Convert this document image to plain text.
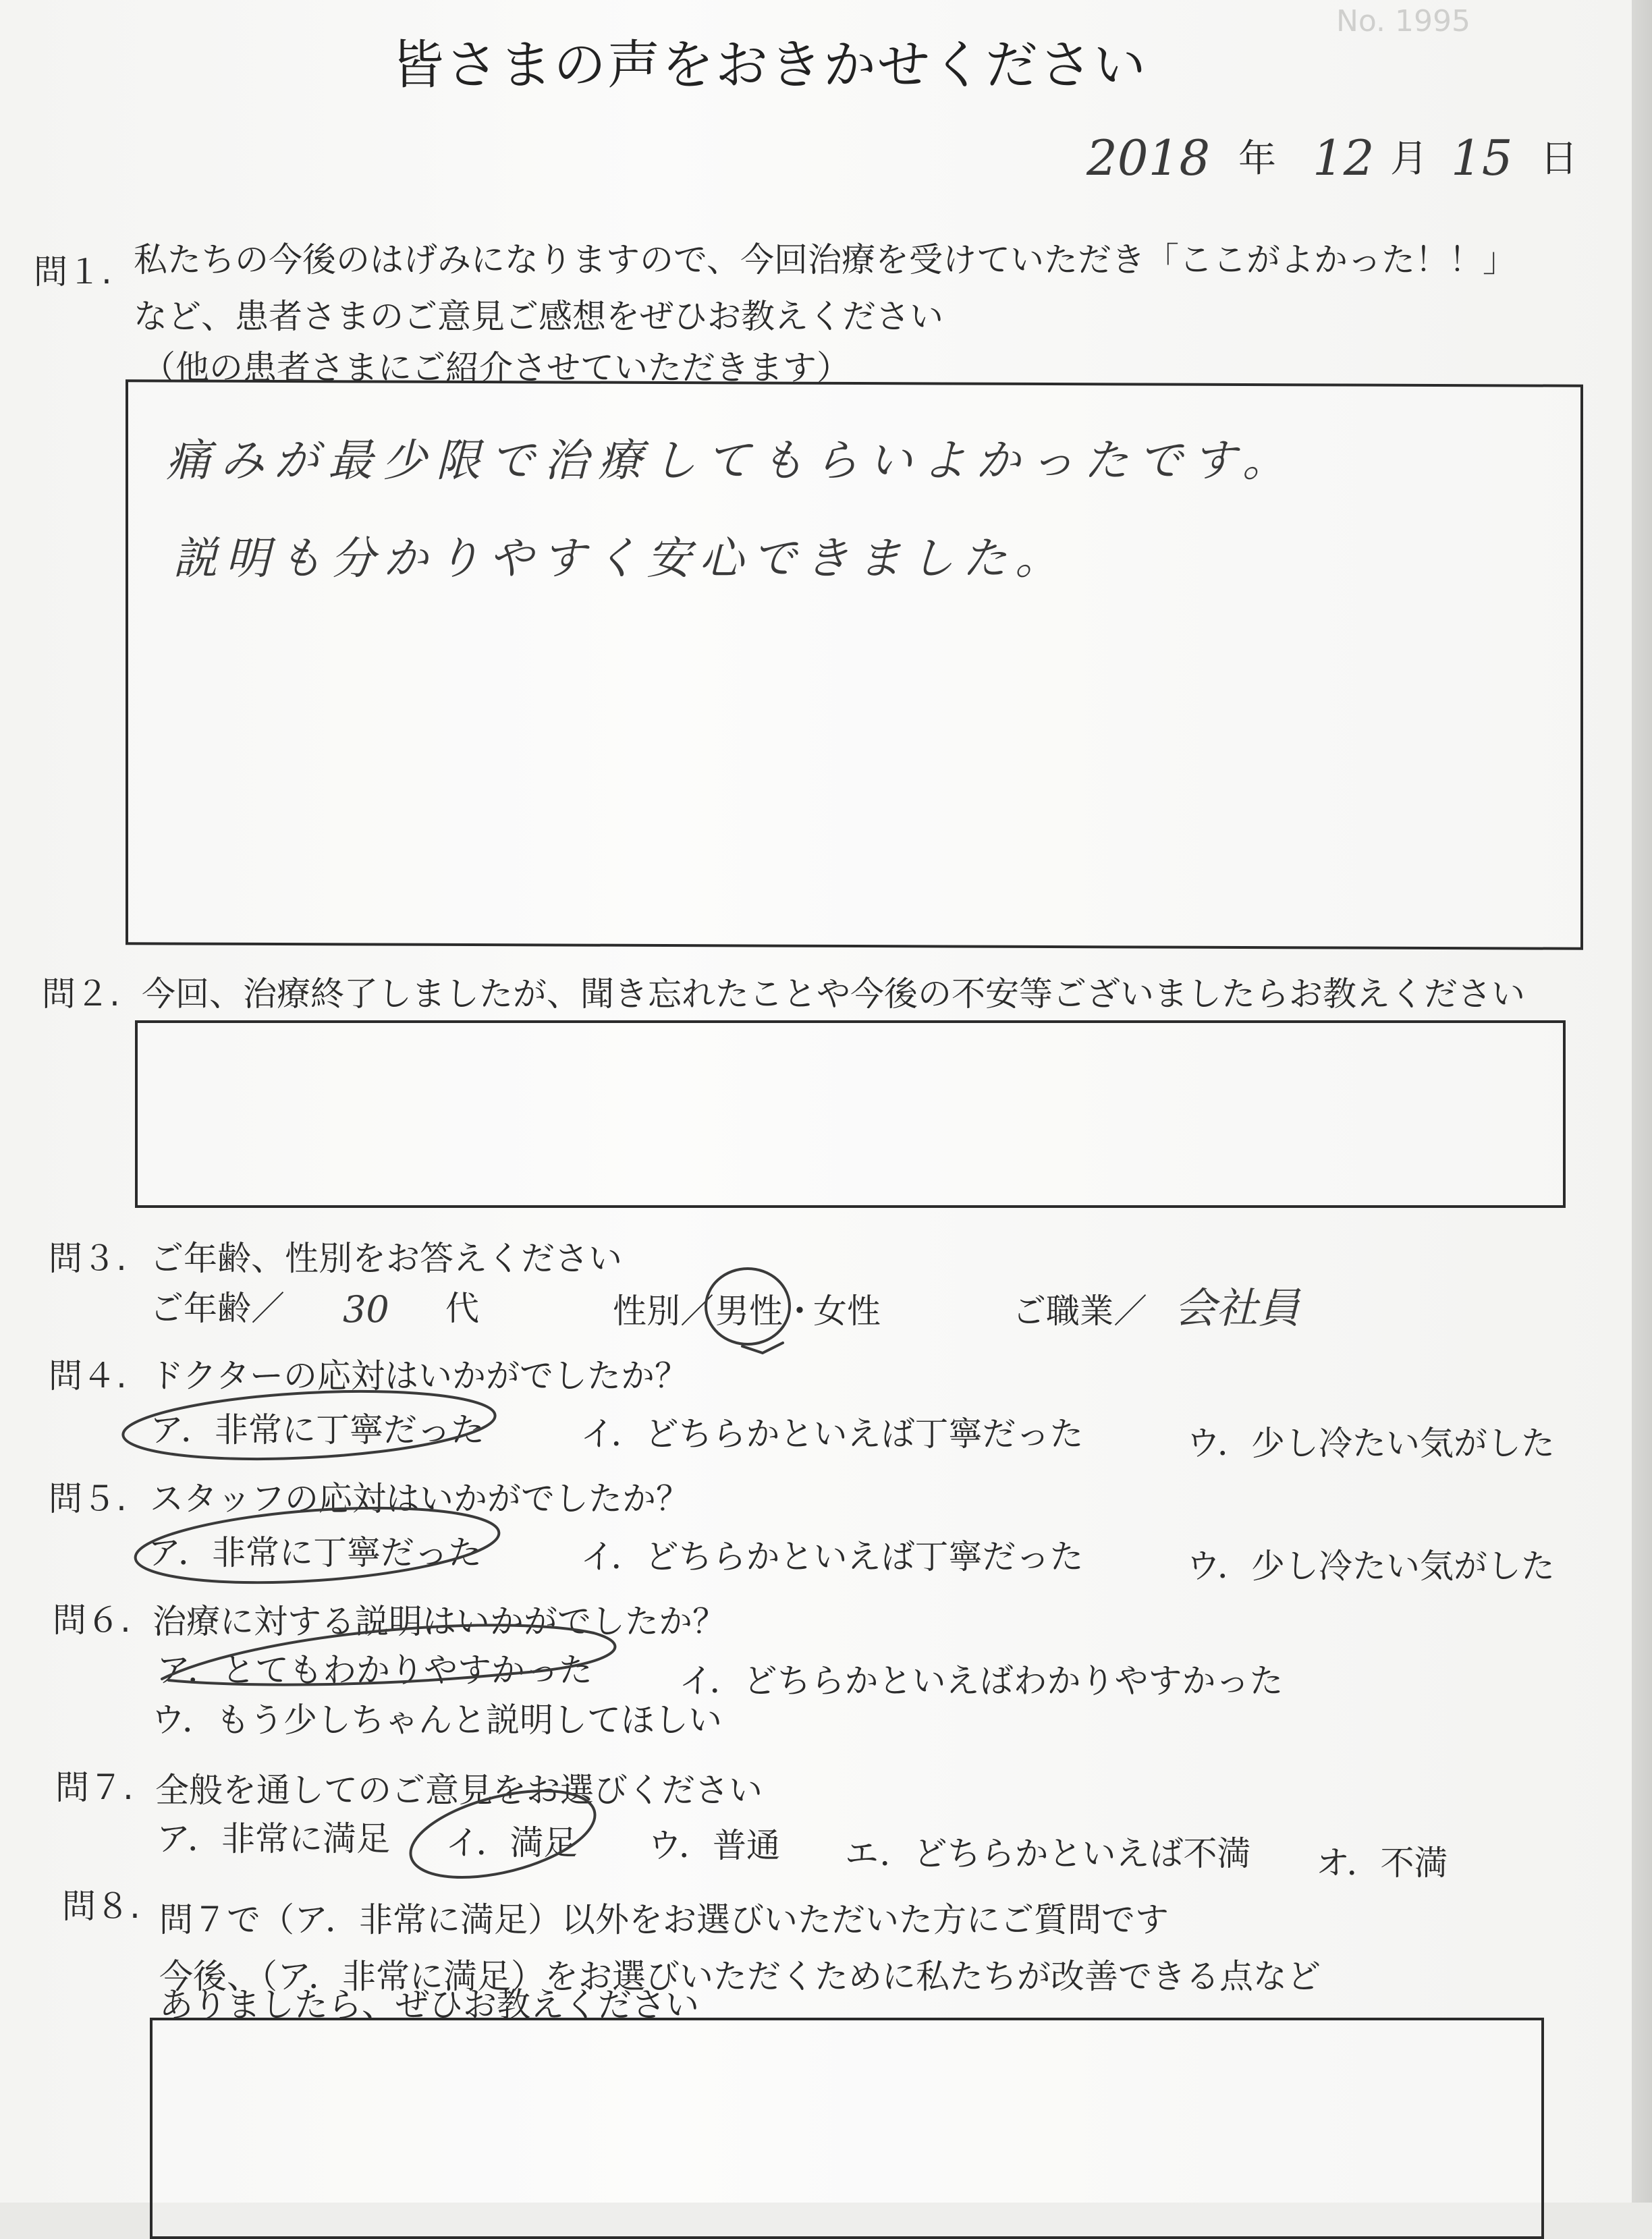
No. 1995
皆さまの声をおきかせください
2018 年 12 月 15 日
問１. 私たちの今後のはげみになりますので、今回治療を受けていただき「ここがよかった！！」
など、患者さまのご意見ご感想をぜひお教えください
（他の患者さまにご紹介させていただきます）
痛みが最少限で治療してもらいよかったです。
説明も分かりやすく安心できました。
問２. 今回、治療終了しましたが、聞き忘れたことや今後の不安等ございましたらお教えください
問３. ご年齢、性別をお答えください
ご年齢／ 30 代	性別／ 男性 ・
女性	ご職業／ 会社員
問４. ドクターの応対はいかがでしたか？
ア．非常に丁寧だった	イ．どちらかといえば丁寧だった	ウ．少し冷たい気がした
問５. スタッフの応対はいかがでしたか？
ア．非常に丁寧だった	イ．どちらかといえば丁寧だった	ウ．少し冷たい気がした
問６. 治療に対する説明はいかがでしたか？
ア．とてもわかりやすかった	イ．どちらかといえばわかりやすかった
ウ．もう少しちゃんと説明してほしい
問７. 全般を通してのご意見をお選びください
ア．非常に満足 イ．満足 ウ．普通 エ．どちらかといえば不満 オ．不満
問８. 問７で（ア．非常に満足）以外をお選びいただいた方にご質問です
今後、（ア．非常に満足）をお選びいただくために私たちが改善できる点など
ありましたら、ぜひお教えください
